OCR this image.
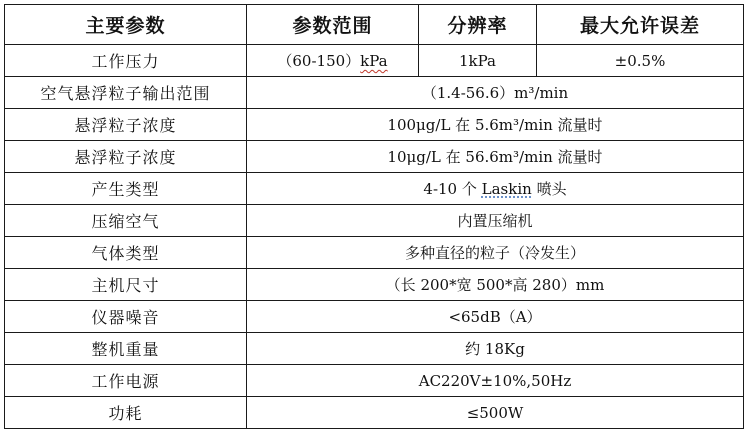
主要参数	参数范围	分辨率	最大允许误差
工作压力	（60-150）kPa	1kPa	±0.5%
空气悬浮粒子输出范围	（1.4-56.6）m³/min		
悬浮粒子浓度	100μg/L 在 5.6m³/min 流量时		
悬浮粒子浓度	10μg/L 在 56.6m³/min 流量时		
产生类型	4-10 个 Laskin 喷头		
压缩空气	内置压缩机		
气体类型	多种直径的粒子（冷发生）		
主机尺寸	（长 200*宽 500*高 280）mm		
仪器噪音	<65dB（A）		
整机重量	约 18Kg		
工作电源	AC220V±10%,50Hz		
功耗	≤500W		
